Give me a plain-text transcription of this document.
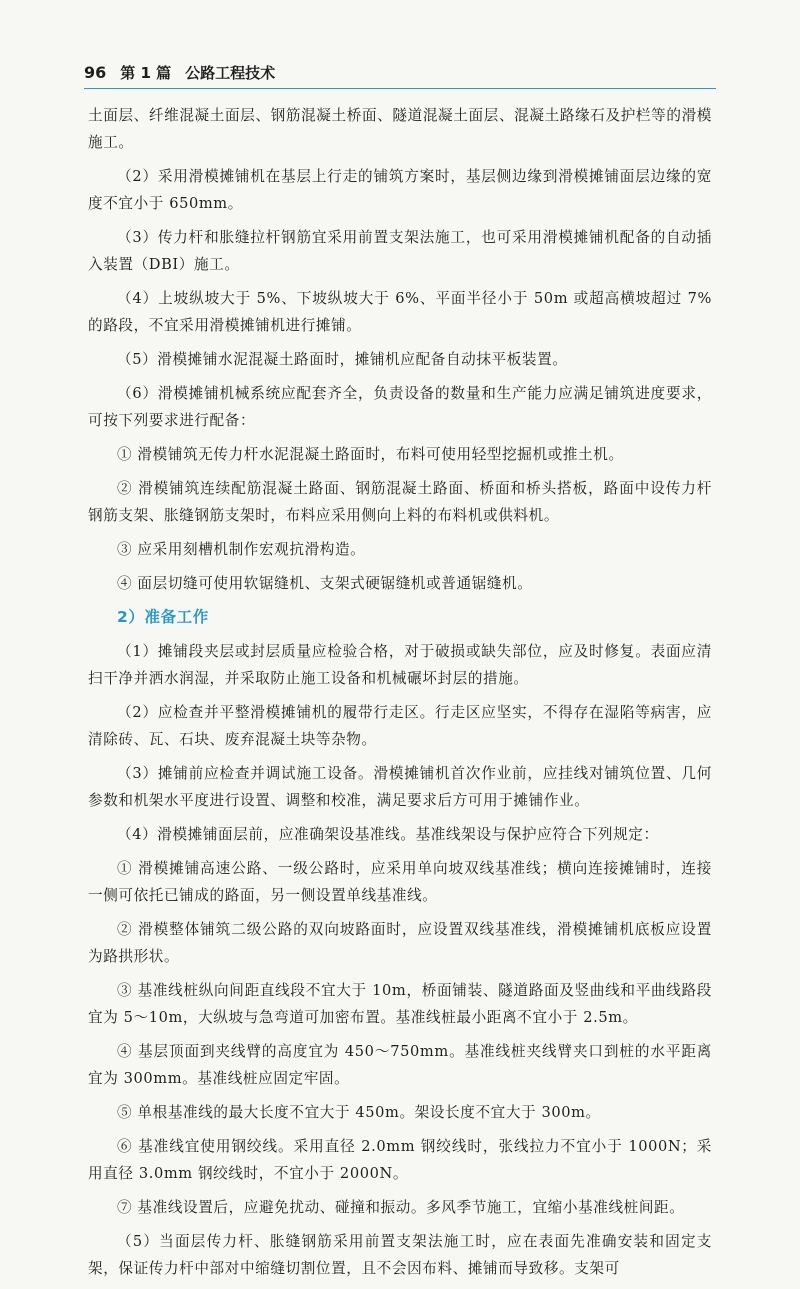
96 第 1 篇 公路工程技术

土面层、纤维混凝土面层、钢筋混凝土桥面、隧道混凝土面层、混凝土路缘石及护栏等的滑模施工。

（2）采用滑模摊铺机在基层上行走的铺筑方案时，基层侧边缘到滑模摊铺面层边缘的宽度不宜小于 650mm。

（3）传力杆和胀缝拉杆钢筋宜采用前置支架法施工，也可采用滑模摊铺机配备的自动插入装置（DBI）施工。

（4）上坡纵坡大于 5%、下坡纵坡大于 6%、平面半径小于 50m 或超高横坡超过 7% 的路段，不宜采用滑模摊铺机进行摊铺。

（5）滑模摊铺水泥混凝土路面时，摊铺机应配备自动抹平板装置。

（6）滑模摊铺机械系统应配套齐全，负责设备的数量和生产能力应满足铺筑进度要求，可按下列要求进行配备：

① 滑模铺筑无传力杆水泥混凝土路面时，布料可使用轻型挖掘机或推土机。

② 滑模铺筑连续配筋混凝土路面、钢筋混凝土路面、桥面和桥头搭板，路面中设传力杆钢筋支架、胀缝钢筋支架时，布料应采用侧向上料的布料机或供料机。

③ 应采用刻槽机制作宏观抗滑构造。

④ 面层切缝可使用软锯缝机、支架式硬锯缝机或普通锯缝机。

2）准备工作

（1）摊铺段夹层或封层质量应检验合格，对于破损或缺失部位，应及时修复。表面应清扫干净并洒水润湿，并采取防止施工设备和机械碾坏封层的措施。

（2）应检查并平整滑模摊铺机的履带行走区。行走区应坚实，不得存在湿陷等病害，应清除砖、瓦、石块、废弃混凝土块等杂物。

（3）摊铺前应检查并调试施工设备。滑模摊铺机首次作业前，应挂线对铺筑位置、几何参数和机架水平度进行设置、调整和校准，满足要求后方可用于摊铺作业。

（4）滑模摊铺面层前，应准确架设基准线。基准线架设与保护应符合下列规定：

① 滑模摊铺高速公路、一级公路时，应采用单向坡双线基准线；横向连接摊铺时，连接一侧可依托已铺成的路面，另一侧设置单线基准线。

② 滑模整体铺筑二级公路的双向坡路面时，应设置双线基准线，滑模摊铺机底板应设置为路拱形状。

③ 基准线桩纵向间距直线段不宜大于 10m，桥面铺装、隧道路面及竖曲线和平曲线路段宜为 5～10m，大纵坡与急弯道可加密布置。基准线桩最小距离不宜小于 2.5m。

④ 基层顶面到夹线臂的高度宜为 450～750mm。基准线桩夹线臂夹口到桩的水平距离宜为 300mm。基准线桩应固定牢固。

⑤ 单根基准线的最大长度不宜大于 450m。架设长度不宜大于 300m。

⑥ 基准线宜使用钢绞线。采用直径 2.0mm 钢绞线时，张线拉力不宜小于 1000N；采用直径 3.0mm 钢绞线时，不宜小于 2000N。

⑦ 基准线设置后，应避免扰动、碰撞和振动。多风季节施工，宜缩小基准线桩间距。

（5）当面层传力杆、胀缝钢筋采用前置支架法施工时，应在表面先准确安装和固定支架，保证传力杆中部对中缩缝切割位置，且不会因布料、摊铺而导致移。支架可
